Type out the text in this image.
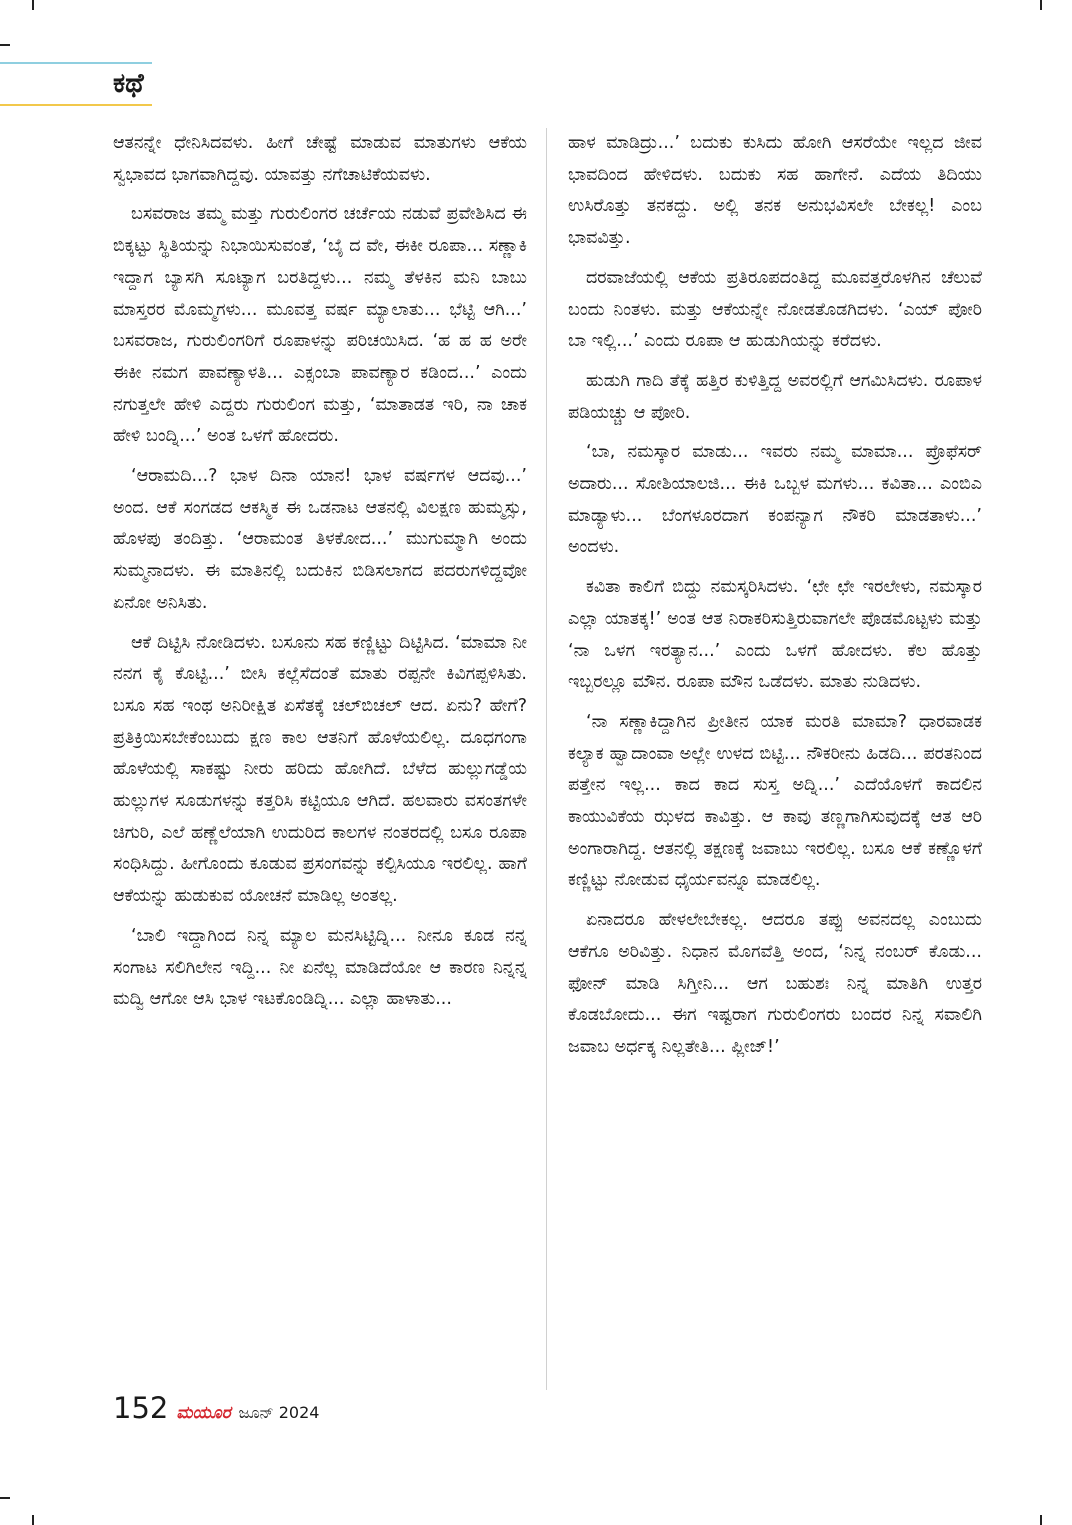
ಕಥೆ

ಆತನನ್ನೇ ಧೇನಿಸಿದವಳು. ಹೀಗೆ ಚೇಷ್ಟೆ ಮಾಡುವ ಮಾತುಗಳು ಆಕೆಯ ಸ್ವಭಾವದ ಭಾಗವಾಗಿದ್ದವು. ಯಾವತ್ತು ನಗೆಚಾಟಿಕೆಯವಳು.

ಬಸವರಾಜ ತಮ್ಮ ಮತ್ತು ಗುರುಲಿಂಗರ ಚರ್ಚೆಯ ನಡುವೆ ಪ್ರವೇಶಿಸಿದ ಈ ಬಿಕ್ಕಟ್ಟು ಸ್ಥಿತಿಯನ್ನು ನಿಭಾಯಿಸುವಂತೆ, ‘ಬೈ ದ ವೇ, ಈಕೀ ರೂಪಾ... ಸಣ್ಣಾಕಿ ಇದ್ದಾಗ ಬ್ಯಾಸಗಿ ಸೂಟ್ಯಾಗ ಬರತಿದ್ದಳು... ನಮ್ಮ ತೆಳಕಿನ ಮನಿ ಬಾಬು ಮಾಸ್ತರರ ಮೊಮ್ಮಗಳು... ಮೂವತ್ತ ವರ್ಷ ಮ್ಯಾಲಾತು... ಭೆಟ್ಟಿ ಆಗಿ...’ ಬಸವರಾಜ, ಗುರುಲಿಂಗರಿಗೆ ರೂಪಾಳನ್ನು ಪರಿಚಯಿಸಿದ. ‘ಹ ಹ ಹ ಅರೇ ಈಕೀ ನಮಗ ಪಾವಣ್ಯಾಳತಿ... ಎಕ್ಸಂಬಾ ಪಾವಣ್ಯಾರ ಕಡಿಂದ...’ ಎಂದು ನಗುತ್ತಲೇ ಹೇಳಿ ಎದ್ದರು ಗುರುಲಿಂಗ ಮತ್ತು, ‘ಮಾತಾಡತ ಇರಿ, ನಾ ಚಾಕ ಹೇಳಿ ಬಂದ್ನಿ...’ ಅಂತ ಒಳಗೆ ಹೋದರು.

‘ಆರಾಮದಿ...? ಭಾಳ ದಿನಾ ಯಾನ! ಭಾಳ ವರ್ಷಗಳ ಆದವು...’ ಅಂದ. ಆಕೆ ಸಂಗಡದ ಆಕಸ್ಮಿಕ ಈ ಒಡನಾಟ ಆತನಲ್ಲಿ ವಿಲಕ್ಷಣ ಹುಮ್ಮಸ್ಸು, ಹೊಳಪು ತಂದಿತ್ತು. ‘ಆರಾಮಂತ ತಿಳಕೋದ...’ ಮುಗುಮ್ಮಾಗಿ ಅಂದು ಸುಮ್ಮನಾದಳು. ಈ ಮಾತಿನಲ್ಲಿ ಬದುಕಿನ ಬಿಡಿಸಲಾಗದ ಪದರುಗಳಿದ್ದವೋ ಏನೋ ಅನಿಸಿತು.

ಆಕೆ ದಿಟ್ಟಿಸಿ ನೋಡಿದಳು. ಬಸೂನು ಸಹ ಕಣ್ಣಿಟ್ಟು ದಿಟ್ಟಿಸಿದ. ‘ಮಾಮಾ ನೀ ನನಗ ಕೈ ಕೊಟ್ಟಿ...’ ಬೀಸಿ ಕಲ್ಲೆಸೆದಂತೆ ಮಾತು ರಪ್ಪನೇ ಕಿವಿಗಪ್ಪಳಿಸಿತು. ಬಸೂ ಸಹ ಇಂಥ ಅನಿರೀಕ್ಷಿತ ಏಸೆತಕ್ಕೆ ಚಲ್‌ಬಿಚಲ್ ಆದ. ಏನು? ಹೇಗೆ? ಪ್ರತಿಕ್ರಿಯಿಸಬೇಕೆಂಬುದು ಕ್ಷಣ ಕಾಲ ಆತನಿಗೆ ಹೊಳೆಯಲಿಲ್ಲ. ದೂಧಗಂಗಾ ಹೊಳೆಯಲ್ಲಿ ಸಾಕಷ್ಟು ನೀರು ಹರಿದು ಹೋಗಿದೆ. ಬೆಳೆದ ಹುಲ್ಲುಗಡ್ಡೆಯ ಹುಲ್ಲುಗಳ ಸೂಡುಗಳನ್ನು ಕತ್ತರಿಸಿ ಕಟ್ಟಿಯೂ ಆಗಿದೆ. ಹಲವಾರು ವಸಂತಗಳೇ ಚಿಗುರಿ, ಎಲೆ ಹಣ್ಣೆಲೆಯಾಗಿ ಉದುರಿದ ಕಾಲಗಳ ನಂತರದಲ್ಲಿ ಬಸೂ ರೂಪಾ ಸಂಧಿಸಿದ್ದು. ಹೀಗೊಂದು ಕೂಡುವ ಪ್ರಸಂಗವನ್ನು ಕಲ್ಪಿಸಿಯೂ ಇರಲಿಲ್ಲ. ಹಾಗೆ ಆಕೆಯನ್ನು ಹುಡುಕುವ ಯೋಚನೆ ಮಾಡಿಲ್ಲ ಅಂತಲ್ಲ.

‘ಬಾಲಿ ಇದ್ದಾಗಿಂದ ನಿನ್ನ ಮ್ಯಾಲ ಮನಸಿಟ್ಟಿದ್ನಿ... ನೀನೂ ಕೂಡ ನನ್ನ ಸಂಗಾಟ ಸಲಿಗಿಲೇನ ಇದ್ದಿ... ನೀ ಏನೆಲ್ಲ ಮಾಡಿದೆಯೋ ಆ ಕಾರಣ ನಿನ್ನನ್ನ ಮದ್ವಿ ಆಗೋ ಆಸಿ ಭಾಳ ಇಟಕೊಂಡಿದ್ನಿ... ಎಲ್ಲಾ ಹಾಳಾತು...

ಹಾಳ ಮಾಡಿದ್ರು...’ ಬದುಕು ಕುಸಿದು ಹೋಗಿ ಆಸರೆಯೇ ಇಲ್ಲದ ಜೀವ ಭಾವದಿಂದ ಹೇಳಿದಳು. ಬದುಕು ಸಹ ಹಾಗೇನೆ. ಎದೆಯ ತಿದಿಯು ಉಸಿರೊತ್ತು ತನಕದ್ದು. ಅಲ್ಲಿ ತನಕ ಅನುಭವಿಸಲೇ ಬೇಕಲ್ಲ! ಎಂಬ ಭಾವವಿತ್ತು.

ದರವಾಜೆಯಲ್ಲಿ ಆಕೆಯ ಪ್ರತಿರೂಪದಂತಿದ್ದ ಮೂವತ್ತರೊಳಗಿನ ಚೆಲುವೆ ಬಂದು ನಿಂತಳು. ಮತ್ತು ಆಕೆಯನ್ನೇ ನೋಡತೊಡಗಿದಳು. ‘ಎಯ್ ಪೋರಿ ಬಾ ಇಲ್ಲಿ...’ ಎಂದು ರೂಪಾ ಆ ಹುಡುಗಿಯನ್ನು ಕರೆದಳು.

ಹುಡುಗಿ ಗಾದಿ ತೆಕ್ಕೆ ಹತ್ತಿರ ಕುಳಿತ್ತಿದ್ದ ಅವರಲ್ಲಿಗೆ ಆಗಮಿಸಿದಳು. ರೂಪಾಳ ಪಡಿಯಚ್ಚು ಆ ಪೋರಿ.

‘ಬಾ, ನಮಸ್ಕಾರ ಮಾಡು... ಇವರು ನಮ್ಮ ಮಾಮಾ... ಪ್ರೊಫೆಸರ್ ಅದಾರು... ಸೋಶಿಯಾಲಜಿ... ಈಕಿ ಒಬ್ಬಳ ಮಗಳು... ಕವಿತಾ... ಎಂಬಿಎ ಮಾಡ್ಯಾಳು... ಬೆಂಗಳೂರದಾಗ ಕಂಪನ್ಯಾಗ ನೌಕರಿ ಮಾಡತಾಳು...’ ಅಂದಳು.

ಕವಿತಾ ಕಾಲಿಗೆ ಬಿದ್ದು ನಮಸ್ಕರಿಸಿದಳು. ‘ಛೇ ಛೇ ಇರಲೇಳು, ನಮಸ್ಕಾರ ಎಲ್ಲಾ ಯಾತಕ್ಕ!’ ಅಂತ ಆತ ನಿರಾಕರಿಸುತ್ತಿರುವಾಗಲೇ ಪೊಡಮೊಟ್ಟಳು ಮತ್ತು ‘ನಾ ಒಳಗ ಇರತ್ಯಾನ...’ ಎಂದು ಒಳಗೆ ಹೋದಳು. ಕೆಲ ಹೊತ್ತು ಇಬ್ಬರಲ್ಲೂ ಮೌನ. ರೂಪಾ ಮೌನ ಒಡೆದಳು. ಮಾತು ನುಡಿದಳು.

‘ನಾ ಸಣ್ಣಾಕಿದ್ದಾಗಿನ ಪ್ರೀತೀನ ಯಾಕ ಮರತಿ ಮಾಮಾ? ಧಾರವಾಡಕ ಕಲ್ಯಾಕ ಹ್ವಾದಾಂವಾ ಅಲ್ಲೇ ಉಳದ ಬಿಟ್ಟಿ... ನೌಕರೀನು ಹಿಡದಿ... ಪರತನಿಂದ ಪತ್ತೇನ ಇಲ್ಲ... ಕಾದ ಕಾದ ಸುಸ್ತ ಅದ್ನಿ...’ ಎದೆಯೊಳಗೆ ಕಾದಲಿನ ಕಾಯುವಿಕೆಯ ಝಳದ ಕಾವಿತ್ತು. ಆ ಕಾವು ತಣ್ಣಗಾಗಿಸುವುದಕ್ಕೆ ಆತ ಆರಿ ಅಂಗಾರಾಗಿದ್ದ. ಆತನಲ್ಲಿ ತಕ್ಷಣಕ್ಕೆ ಜವಾಬು ಇರಲಿಲ್ಲ. ಬಸೂ ಆಕೆ ಕಣ್ಣೊಳಗೆ ಕಣ್ಣಿಟ್ಟು ನೋಡುವ ಧೈರ್ಯವನ್ನೂ ಮಾಡಲಿಲ್ಲ.

ಏನಾದರೂ ಹೇಳಲೇಬೇಕಲ್ಲ. ಆದರೂ ತಪ್ಪು ಅವನದಲ್ಲ ಎಂಬುದು ಆಕೆಗೂ ಅರಿವಿತ್ತು. ನಿಧಾನ ಮೊಗವೆತ್ತಿ ಅಂದ, ‘ನಿನ್ನ ನಂಬರ್ ಕೊಡು... ಫೋನ್ ಮಾಡಿ ಸಿಗ್ತೀನಿ... ಆಗ ಬಹುಶಃ ನಿನ್ನ ಮಾತಿಗಿ ಉತ್ತರ ಕೊಡಬೋದು... ಈಗ ಇಷ್ಟರಾಗ ಗುರುಲಿಂಗರು ಬಂದರ ನಿನ್ನ ಸವಾಲಿಗಿ ಜವಾಬ ಅರ್ಧಕ್ಕ ನಿಲ್ಲತೇತಿ... ಪ್ಲೀಜ್!’

152 ಮಯೂರ ಜೂನ್ 2024
